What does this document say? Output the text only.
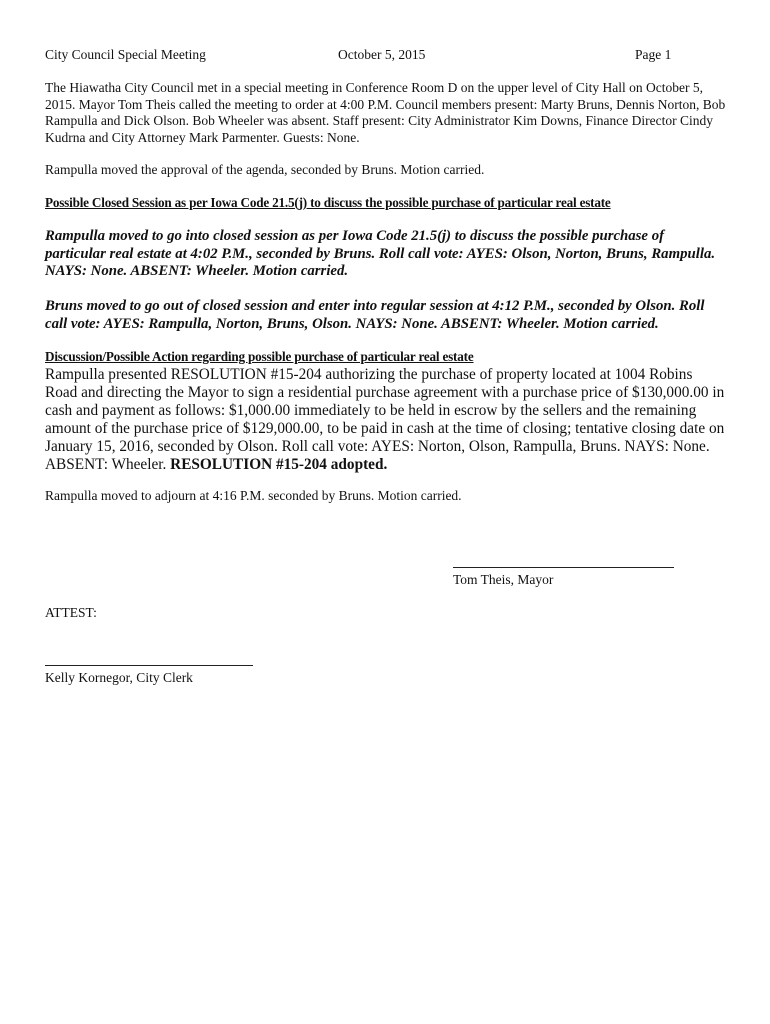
City Council Special Meeting	October 5, 2015	Page 1
The Hiawatha City Council met in a special meeting in Conference Room D on the upper level of City Hall on October 5, 2015. Mayor Tom Theis called the meeting to order at 4:00 P.M. Council members present: Marty Bruns, Dennis Norton, Bob Rampulla and Dick Olson. Bob Wheeler was absent. Staff present: City Administrator Kim Downs, Finance Director Cindy Kudrna and City Attorney Mark Parmenter. Guests: None.
Rampulla moved the approval of the agenda, seconded by Bruns. Motion carried.
Possible Closed Session as per Iowa Code 21.5(j) to discuss the possible purchase of particular real estate
Rampulla moved to go into closed session as per Iowa Code 21.5(j) to discuss the possible purchase of particular real estate at 4:02 P.M., seconded by Bruns. Roll call vote: AYES: Olson, Norton, Bruns, Rampulla. NAYS: None. ABSENT: Wheeler. Motion carried.
Bruns moved to go out of closed session and enter into regular session at 4:12 P.M., seconded by Olson. Roll call vote: AYES: Rampulla, Norton, Bruns, Olson. NAYS: None. ABSENT: Wheeler. Motion carried.
Discussion/Possible Action regarding possible purchase of particular real estate
Rampulla presented RESOLUTION #15-204 authorizing the purchase of property located at 1004 Robins Road and directing the Mayor to sign a residential purchase agreement with a purchase price of $130,000.00 in cash and payment as follows: $1,000.00 immediately to be held in escrow by the sellers and the remaining amount of the purchase price of $129,000.00, to be paid in cash at the time of closing; tentative closing date on January 15, 2016, seconded by Olson. Roll call vote: AYES: Norton, Olson, Rampulla, Bruns. NAYS: None. ABSENT: Wheeler. RESOLUTION #15-204 adopted.
Rampulla moved to adjourn at 4:16 P.M. seconded by Bruns. Motion carried.
Tom Theis, Mayor
ATTEST:
Kelly Kornegor, City Clerk
